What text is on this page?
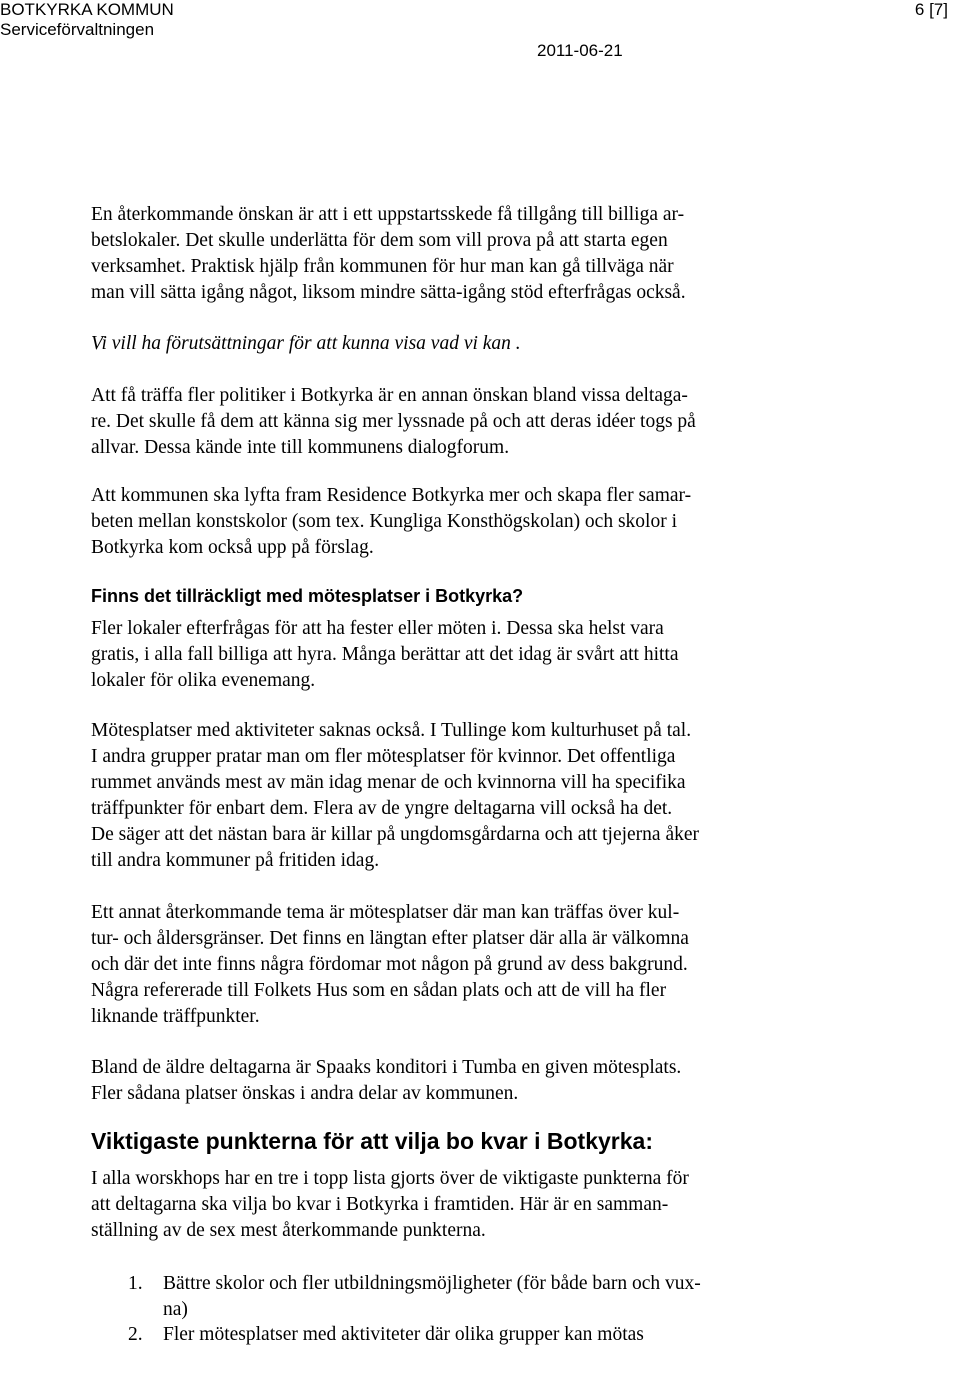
BOTKYRKA KOMMUN
Serviceförvaltningen
6 [7]
2011-06-21
En återkommande önskan är att i ett uppstartsskede få tillgång till billiga ar-
betslokaler. Det skulle underlätta för dem som vill prova på att starta egen
verksamhet. Praktisk hjälp från kommunen för hur man kan gå tillväga när
man vill sätta igång något, liksom mindre sätta-igång stöd efterfrågas också.
Vi vill ha förutsättningar för att kunna visa vad vi kan .
Att få träffa fler politiker i Botkyrka är en annan önskan bland vissa deltaga-
re. Det skulle få dem att känna sig mer lyssnade på och att deras idéer togs på
allvar. Dessa kände inte till kommunens dialogforum.
Att kommunen ska lyfta fram Residence Botkyrka mer och skapa fler samar-
beten mellan konstskolor (som tex. Kungliga Konsthögskolan) och skolor i
Botkyrka kom också upp på förslag.
Finns det tillräckligt med mötesplatser i Botkyrka?
Fler lokaler efterfrågas för att ha fester eller möten i. Dessa ska helst vara
gratis, i alla fall billiga att hyra. Många berättar att det idag är svårt att hitta
lokaler för olika evenemang.
Mötesplatser med aktiviteter saknas också. I Tullinge kom kulturhuset på tal.
I andra grupper pratar man om fler mötesplatser för kvinnor. Det offentliga
rummet används mest av män idag menar de och kvinnorna vill ha specifika
träffpunkter för enbart dem. Flera av de yngre deltagarna vill också ha det.
De säger att det nästan bara är killar på ungdomsgårdarna och att tjejerna åker
till andra kommuner på fritiden idag.
Ett annat återkommande tema är mötesplatser där man kan träffas över kul-
tur- och åldersgränser. Det finns en längtan efter platser där alla är välkomna
och där det inte finns några fördomar mot någon på grund av dess bakgrund.
Några refererade till Folkets Hus som en sådan plats och att de vill ha fler
liknande träffpunkter.
Bland de äldre deltagarna är Spaaks konditori i Tumba en given mötesplats.
Fler sådana platser önskas i andra delar av kommunen.
Viktigaste punkterna för att vilja bo kvar i Botkyrka:
I alla worskhops har en tre i topp lista gjorts över de viktigaste punkterna för
att deltagarna ska vilja bo kvar i Botkyrka i framtiden. Här är en samman-
ställning av de sex mest återkommande punkterna.
1. Bättre skolor och fler utbildningsmöjligheter (för både barn och vux-
na)
2. Fler mötesplatser med aktiviteter där olika grupper kan mötas
